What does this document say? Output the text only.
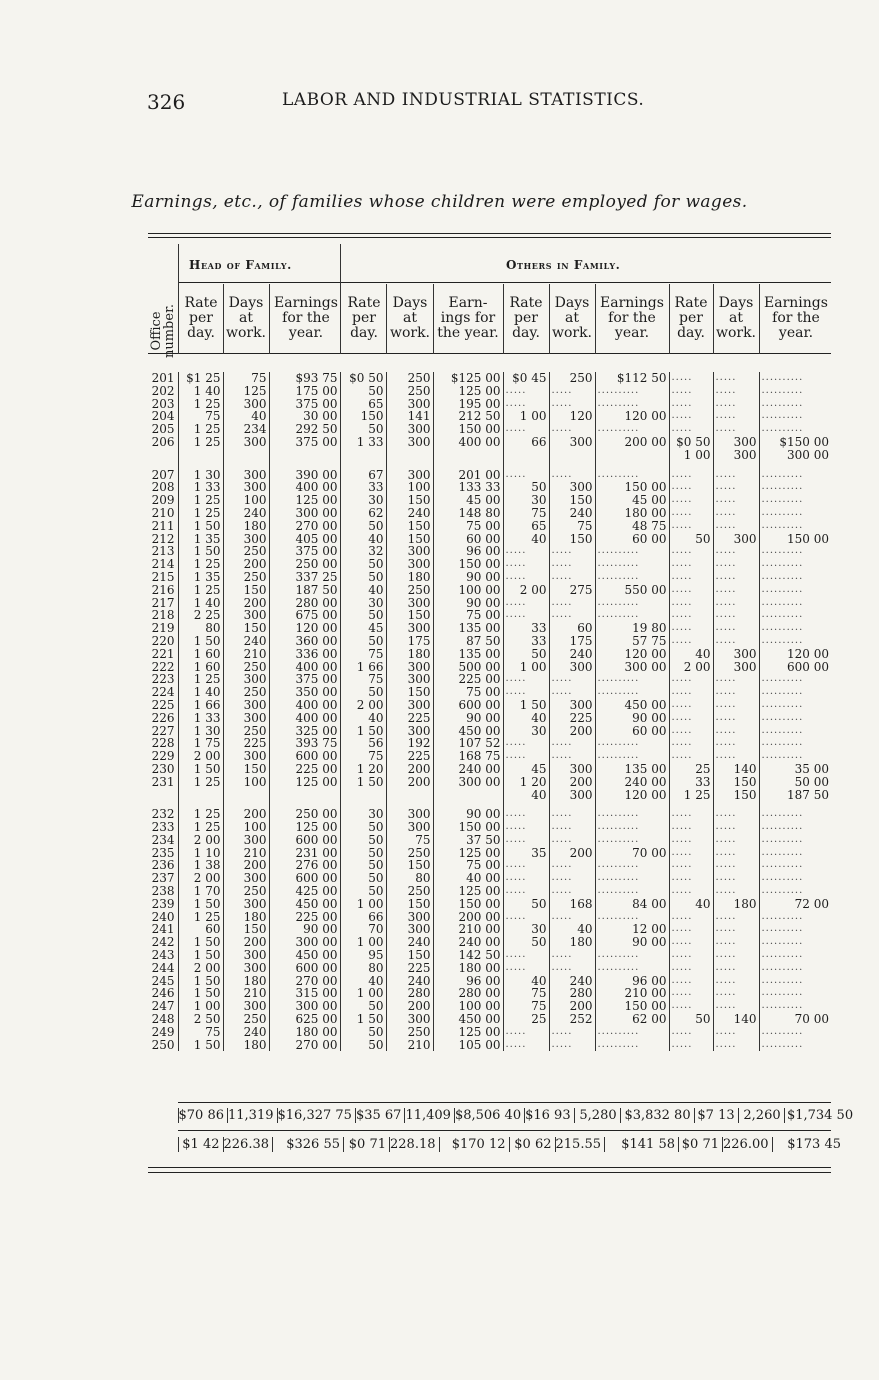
326	LABOR AND INDUSTRIAL STATISTICS.
Earnings, etc., of families whose children were employed for wages.
Head of Family.	Others in Family.
Office number.
Rate per day.
Days at work.
Earnings for the year.
Rate per day.
Days at work.
Earn-ings for the year.
Rate per day.
Days at work.
Earnings for the year.
Rate per day.
Days at work.
Earnings for the year.
201	$1 25	75	$93 75	$0 50	250	$125 00	$0 45	250	$112 50	.....	.....	..........
202	1 40	125	175 00	50	250	125 00	.....	.....	..........	.....	.....	..........
203	1 25	300	375 00	65	300	195 00	.....	.....	..........	.....	.....	..........
204	75	40	30 00	150	141	212 50	1 00	120	120 00	.....	.....	..........
205	1 25	234	292 50	50	300	150 00	.....	.....	..........	.....	.....	..........
206	1 25	300	375 00	1 33	300	400 00	66	300	200 00	$0 50	300	$150 00
										1 00	300	300 00

207	1 30	300	390 00	67	300	201 00	.....	.....	..........	.....	.....	..........
208	1 33	300	400 00	33	100	133 33	50	300	150 00	.....	.....	..........
209	1 25	100	125 00	30	150	45 00	30	150	45 00	.....	.....	..........
210	1 25	240	300 00	62	240	148 80	75	240	180 00	.....	.....	..........
211	1 50	180	270 00	50	150	75 00	65	75	48 75	.....	.....	..........
212	1 35	300	405 00	40	150	60 00	40	150	60 00	50	300	150 00
213	1 50	250	375 00	32	300	96 00	.....	.....	..........	.....	.....	..........
214	1 25	200	250 00	50	300	150 00	.....	.....	..........	.....	.....	..........
215	1 35	250	337 25	50	180	90 00	.....	.....	..........	.....	.....	..........
216	1 25	150	187 50	40	250	100 00	2 00	275	550 00	.....	.....	..........
217	1 40	200	280 00	30	300	90 00	.....	.....	..........	.....	.....	..........
218	2 25	300	675 00	50	150	75 00	.....	.....	..........	.....	.....	..........
219	80	150	120 00	45	300	135 00	33	60	19 80	.....	.....	..........
220	1 50	240	360 00	50	175	87 50	33	175	57 75	.....	.....	..........
221	1 60	210	336 00	75	180	135 00	50	240	120 00	40	300	120 00
222	1 60	250	400 00	1 66	300	500 00	1 00	300	300 00	2 00	300	600 00
223	1 25	300	375 00	75	300	225 00	.....	.....	..........	.....	.....	..........
224	1 40	250	350 00	50	150	75 00	.....	.....	..........	.....	.....	..........
225	1 66	300	400 00	2 00	300	600 00	1 50	300	450 00	.....	.....	..........
226	1 33	300	400 00	40	225	90 00	40	225	90 00	.....	.....	..........
227	1 30	250	325 00	1 50	300	450 00	30	200	60 00	.....	.....	..........
228	1 75	225	393 75	56	192	107 52	.....	.....	..........	.....	.....	..........
229	2 00	300	600 00	75	225	168 75	.....	.....	..........	.....	.....	..........
230	1 50	150	225 00	1 20	200	240 00	45	300	135 00	25	140	35 00
231	1 25	100	125 00	1 50	200	300 00	1 20	200	240 00	33	150	50 00
							40	300	120 00	1 25	150	187 50

232	1 25	200	250 00	30	300	90 00	.....	.....	..........	.....	.....	..........
233	1 25	100	125 00	50	300	150 00	.....	.....	..........	.....	.....	..........
234	2 00	300	600 00	50	75	37 50	.....	.....	..........	.....	.....	..........
235	1 10	210	231 00	50	250	125 00	35	200	70 00	.....	.....	..........
236	1 38	200	276 00	50	150	75 00	.....	.....	..........	.....	.....	..........
237	2 00	300	600 00	50	80	40 00	.....	.....	..........	.....	.....	..........
238	1 70	250	425 00	50	250	125 00	.....	.....	..........	.....	.....	..........
239	1 50	300	450 00	1 00	150	150 00	50	168	84 00	40	180	72 00
240	1 25	180	225 00	66	300	200 00	.....	.....	..........	.....	.....	..........
241	60	150	90 00	70	300	210 00	30	40	12 00	.....	.....	..........
242	1 50	200	300 00	1 00	240	240 00	50	180	90 00	.....	.....	..........
243	1 50	300	450 00	95	150	142 50	.....	.....	..........	.....	.....	..........
244	2 00	300	600 00	80	225	180 00	.....	.....	..........	.....	.....	..........
245	1 50	180	270 00	40	240	96 00	40	240	96 00	.....	.....	..........
246	1 50	210	315 00	1 00	280	280 00	75	280	210 00	.....	.....	..........
247	1 00	300	300 00	50	200	100 00	75	200	150 00	.....	.....	..........
248	2 50	250	625 00	1 50	300	450 00	25	252	62 00	50	140	70 00
249	75	240	180 00	50	250	125 00	.....	.....	..........	.....	.....	..........
250	1 50	180	270 00	50	210	105 00	.....	.....	..........	.....	.....	..........
	$70 86	11,319	$16,327 75	$35 67	11,409	$8,506 40	$16 93	5,280	$3,832 80	$7 13	2,260	$1,734 50
	$1 42	226.38	$326 55	$0 71	228.18	$170 12	$0 62	215.55	$141 58	$0 71	226.00	$173 45
